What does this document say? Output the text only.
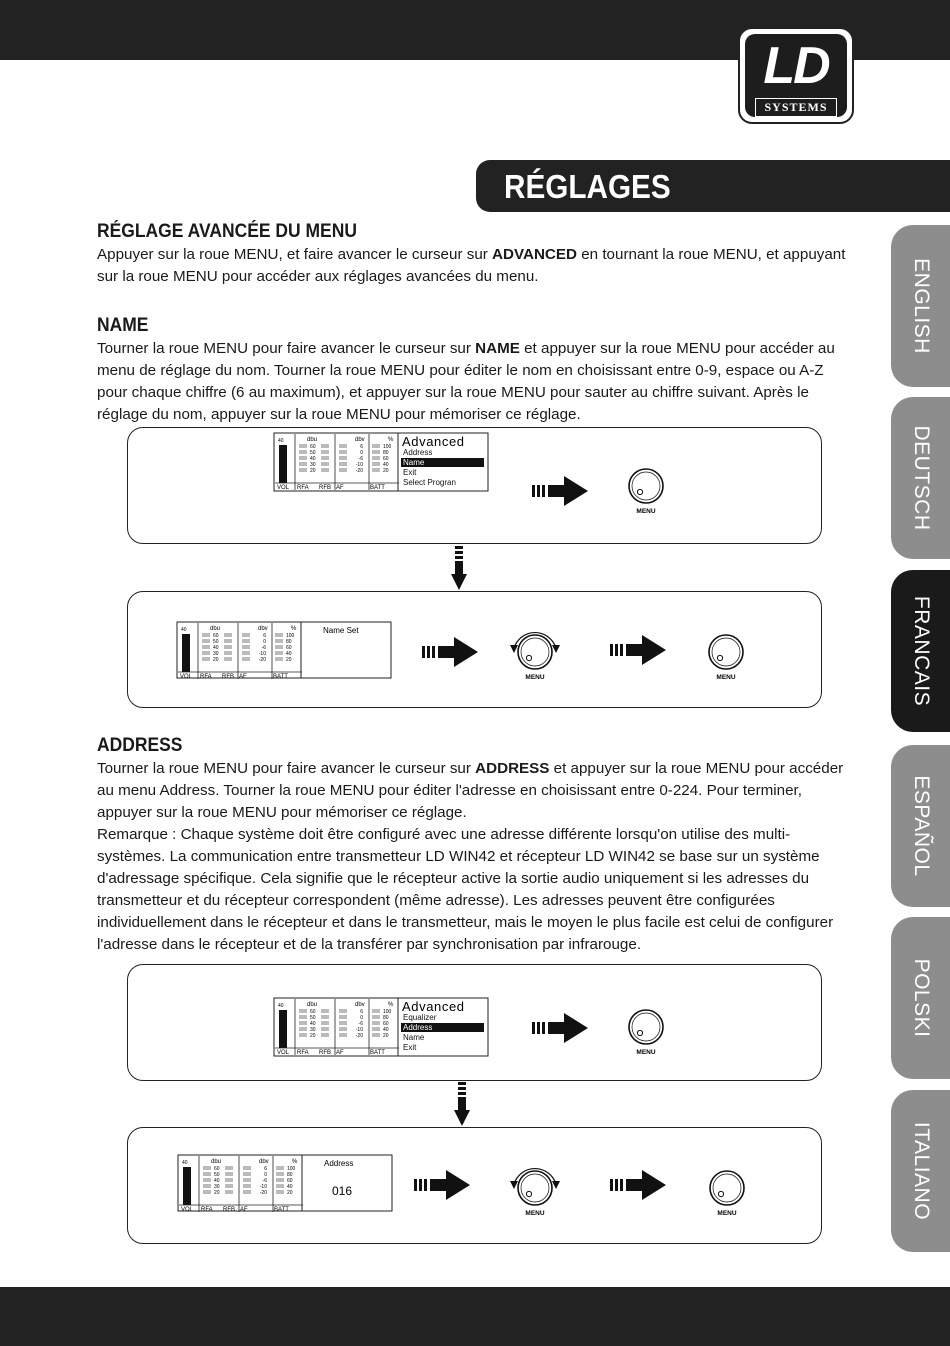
LD
SYSTEMS
RÉGLAGES
ENGLISH
DEUTSCH
FRANCAIS
ESPAÑOL
POLSKI
ITALIANO
RÉGLAGE AVANCÉE DU MENU

Appuyer sur la roue MENU, et faire avancer le curseur sur ADVANCED en tournant la roue MENU, et appuyant sur la roue MENU pour accéder aux réglages avancées du menu.

NAME

Tourner la roue MENU pour faire avancer le curseur sur NAME et appuyer sur la roue MENU pour accéder au menu de réglage du nom. Tourner la roue MENU pour éditer le nom en choisissant entre 0-9, espace ou A-Z pour chaque chiffre (6 au maximum), et appuyer sur la roue MENU pour sauter au chiffre suivant. Après le réglage du nom, appuyer sur la roue MENU pour mémoriser ce réglage.

ADDRESS

Tourner la roue MENU pour faire avancer le curseur sur ADDRESS et appuyer sur la roue MENU pour accéder au menu Address. Tourner la roue MENU pour éditer l'adresse en choisissant entre 0-224. Pour terminer, appuyer sur la roue MENU pour mémoriser ce réglage.

Remarque : Chaque système doit être configuré avec une adresse différente lorsqu'on utilise des multi-systèmes. La communication entre transmetteur LD WIN42 et récepteur LD WIN42 se base sur un système d'adressage spécifique. Cela signifie que le récepteur active la sortie audio uniquement si les adresses du transmetteur et du récepteur correspondent (même adresse). Les adresses peuvent être configurées individuellement dans le récepteur et dans le transmetteur, mais le moyen le plus facile est celui de configurer l'adresse dans le récepteur et de la transférer par synchronisation par infrarouge.

40	dbu
60
50
40
30
20
dbv
6
0
-6
-10
-20
%
100
80
60
40
20
VOL RFA RFB AF	BATT
Advanced
Address
Name
Exit
Select Progran
MENU
40	dbu
60
50
40
30
20
dbv
6
0
-6
-10
-20
%
100
80
60
40
20
VOL RFA RFB AF	BATT
Name Set
MENU	MENU
40	dbu
60
50
40
30
20
dbv
6
0
-6
-10
-20
%
100
80
60
40
20
VOL RFA RFB AF	BATT
Advanced
Equalizer
Address
Name
Exit
MENU
40	dbu
60
50
40
30
20
dbv
6
0
-6
-10
-20
%
100
80
60
40
20
VOL RFA RFB AF	BATT
Address
016
MENU	MENU
